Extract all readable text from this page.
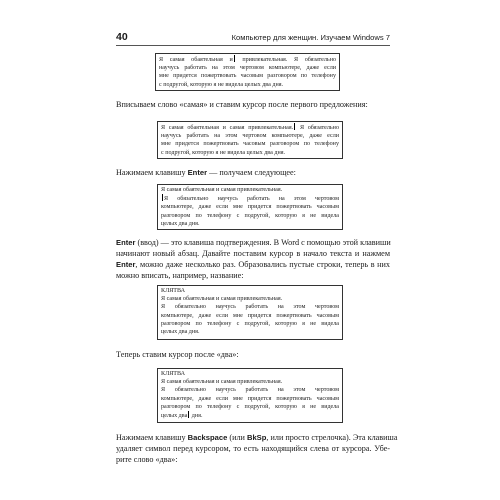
40	Компьютер для женщин. Изучаем Windows 7
Я самая обаятельная и привлекательная. Я обязательно
научусь работать на этом чертовом компьютере, даже если
мне придется пожертвовать часовым разговором по телефону
с подругой, которую я не видела целых два дня.
Вписываем слово «самая» и ставим курсор после первого предложения:
Я самая обаятельная и самая привлекательная. Я обязательно
научусь работать на этом чертовом компьютере, даже если
мне придется пожертвовать часовым разговором по телефону
с подругой, которую я не видела целых два дня.
Нажимаем клавишу Enter — получаем следующее:
Я самая обаятельная и самая привлекательная.
Я обязательно научусь работать на этом чертовом
компьютере, даже если мне придется пожертвовать часовым
разговором по телефону с подругой, которую я не видела
целых два дня.
Enter (ввод) — это клавиша подтверждения. В Word с помощью этой клавиши
начинают новый абзац. Давайте поставим курсор в начало текста и нажмем
Enter, можно даже несколько раз. Образовались пустые строки, теперь в них
можно вписать, например, название:
КЛЯТВА
Я самая обаятельная и самая привлекательная.
Я обязательно научусь работать на этом чертовом
компьютере, даже если мне придется пожертвовать часовым
разговором по телефону с подругой, которую я не видела
целых два дня.
Теперь ставим курсор после «два»:
КЛЯТВА
Я самая обаятельная и самая привлекательная.
Я обязательно научусь работать на этом чертовом
компьютере, даже если мне придется пожертвовать часовым
разговором по телефону с подругой, которую я не видела
целых два дня.
Нажимаем клавишу Backspace (или BkSp, или просто стрелочка). Эта клавиша
удаляет символ перед курсором, то есть находящийся слева от курсора. Убе-
рите слово «два»:
